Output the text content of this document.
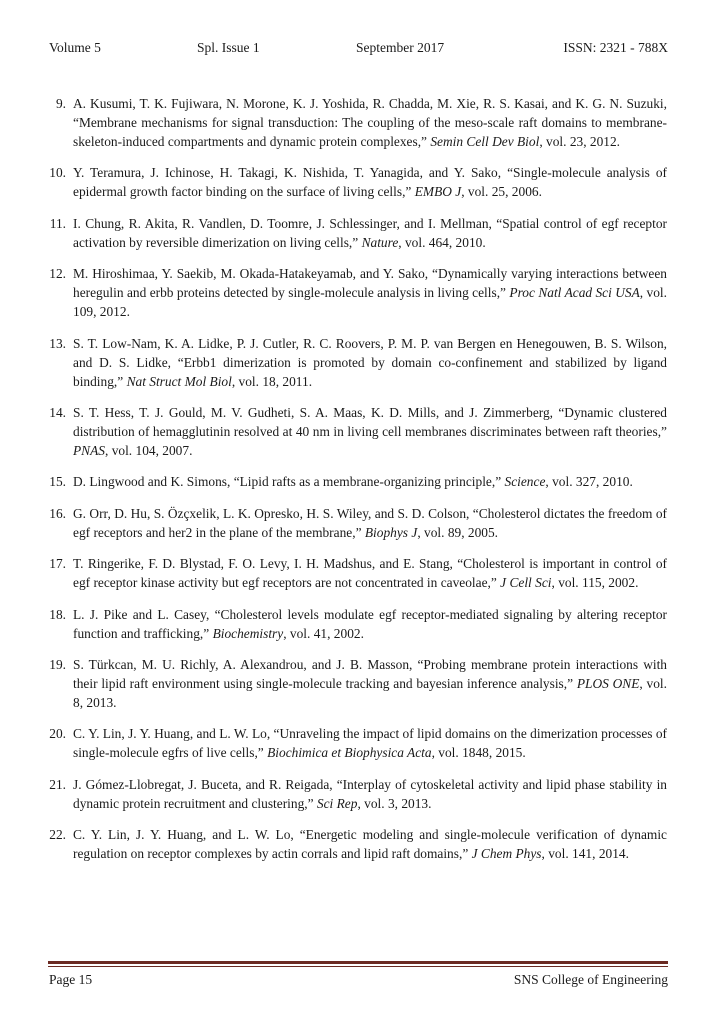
Volume 5	Spl. Issue 1	September 2017	ISSN: 2321 - 788X
9. A. Kusumi, T. K. Fujiwara, N. Morone, K. J. Yoshida, R. Chadda, M. Xie, R. S. Kasai, and K. G. N. Suzuki, “Membrane mechanisms for signal transduction: The coupling of the meso-scale raft domains to membrane-skeleton-induced compartments and dynamic protein complexes,” Semin Cell Dev Biol, vol. 23, 2012.
10. Y. Teramura, J. Ichinose, H. Takagi, K. Nishida, T. Yanagida, and Y. Sako, “Single-molecule analysis of epidermal growth factor binding on the surface of living cells,” EMBO J, vol. 25, 2006.
11. I. Chung, R. Akita, R. Vandlen, D. Toomre, J. Schlessinger, and I. Mellman, “Spatial control of egf receptor activation by reversible dimerization on living cells,” Nature, vol. 464, 2010.
12. M. Hiroshimaa, Y. Saekib, M. Okada-Hatakeyamab, and Y. Sako, “Dynamically varying interactions between heregulin and erbb proteins detected by single-molecule analysis in living cells,” Proc Natl Acad Sci USA, vol. 109, 2012.
13. S. T. Low-Nam, K. A. Lidke, P. J. Cutler, R. C. Roovers, P. M. P. van Bergen en Henegouwen, B. S. Wilson, and D. S. Lidke, “Erbb1 dimerization is promoted by domain co-confinement and stabilized by ligand binding,” Nat Struct Mol Biol, vol. 18, 2011.
14. S. T. Hess, T. J. Gould, M. V. Gudheti, S. A. Maas, K. D. Mills, and J. Zimmerberg, “Dynamic clustered distribution of hemagglutinin resolved at 40 nm in living cell membranes discriminates between raft theories,” PNAS, vol. 104, 2007.
15. D. Lingwood and K. Simons, “Lipid rafts as a membrane-organizing principle,” Science, vol. 327, 2010.
16. G. Orr, D. Hu, S. Özçxelik, L. K. Opresko, H. S. Wiley, and S. D. Colson, “Cholesterol dictates the freedom of egf receptors and her2 in the plane of the membrane,” Biophys J, vol. 89, 2005.
17. T. Ringerike, F. D. Blystad, F. O. Levy, I. H. Madshus, and E. Stang, “Cholesterol is important in control of egf receptor kinase activity but egf receptors are not concentrated in caveolae,” J Cell Sci, vol. 115, 2002.
18. L. J. Pike and L. Casey, “Cholesterol levels modulate egf receptor-mediated signaling by altering receptor function and trafficking,” Biochemistry, vol. 41, 2002.
19. S. Türkcan, M. U. Richly, A. Alexandrou, and J. B. Masson, “Probing membrane protein interactions with their lipid raft environment using single-molecule tracking and bayesian inference analysis,” PLOS ONE, vol. 8, 2013.
20. C. Y. Lin, J. Y. Huang, and L. W. Lo, “Unraveling the impact of lipid domains on the dimerization processes of single-molecule egfrs of live cells,” Biochimica et Biophysica Acta, vol. 1848, 2015.
21. J. Gómez-Llobregat, J. Buceta, and R. Reigada, “Interplay of cytoskeletal activity and lipid phase stability in dynamic protein recruitment and clustering,” Sci Rep, vol. 3, 2013.
22. C. Y. Lin, J. Y. Huang, and L. W. Lo, “Energetic modeling and single-molecule verification of dynamic regulation on receptor complexes by actin corrals and lipid raft domains,” J Chem Phys, vol. 141, 2014.
Page 15	SNS College of Engineering
